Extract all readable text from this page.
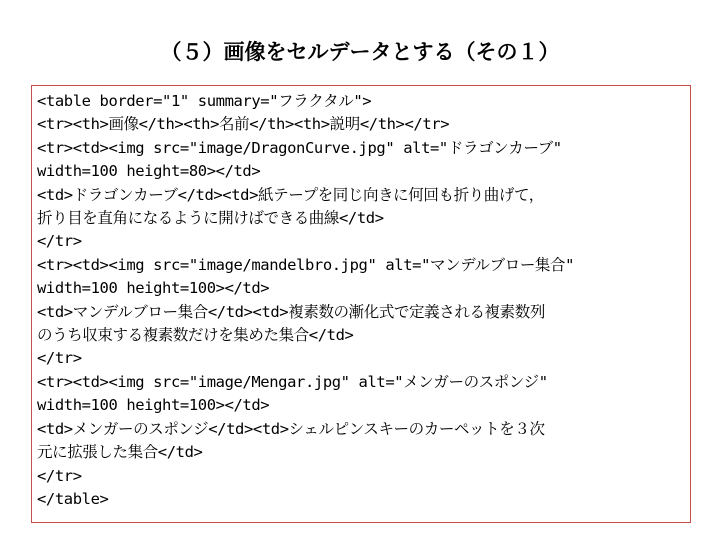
（５）画像をセルデータとする（その１）
<table border="1" summary="フラクタル">
<tr><th>画像</th><th>名前</th><th>説明</th></tr>
<tr><td><img src="image/DragonCurve.jpg" alt="ドラゴンカーブ"
width=100 height=80></td>
<td>ドラゴンカーブ</td><td>紙テープを同じ向きに何回も折り曲げて，
折り目を直角になるように開けばできる曲線</td>
</tr>
<tr><td><img src="image/mandelbro.jpg" alt="マンデルブロー集合"
width=100 height=100></td>
<td>マンデルブロー集合</td><td>複素数の漸化式で定義される複素数列
のうち収束する複素数だけを集めた集合</td>
</tr>
<tr><td><img src="image/Mengar.jpg" alt="メンガーのスポンジ"
width=100 height=100></td>
<td>メンガーのスポンジ</td><td>シェルピンスキーのカーペットを３次
元に拡張した集合</td>
</tr>
</table>
